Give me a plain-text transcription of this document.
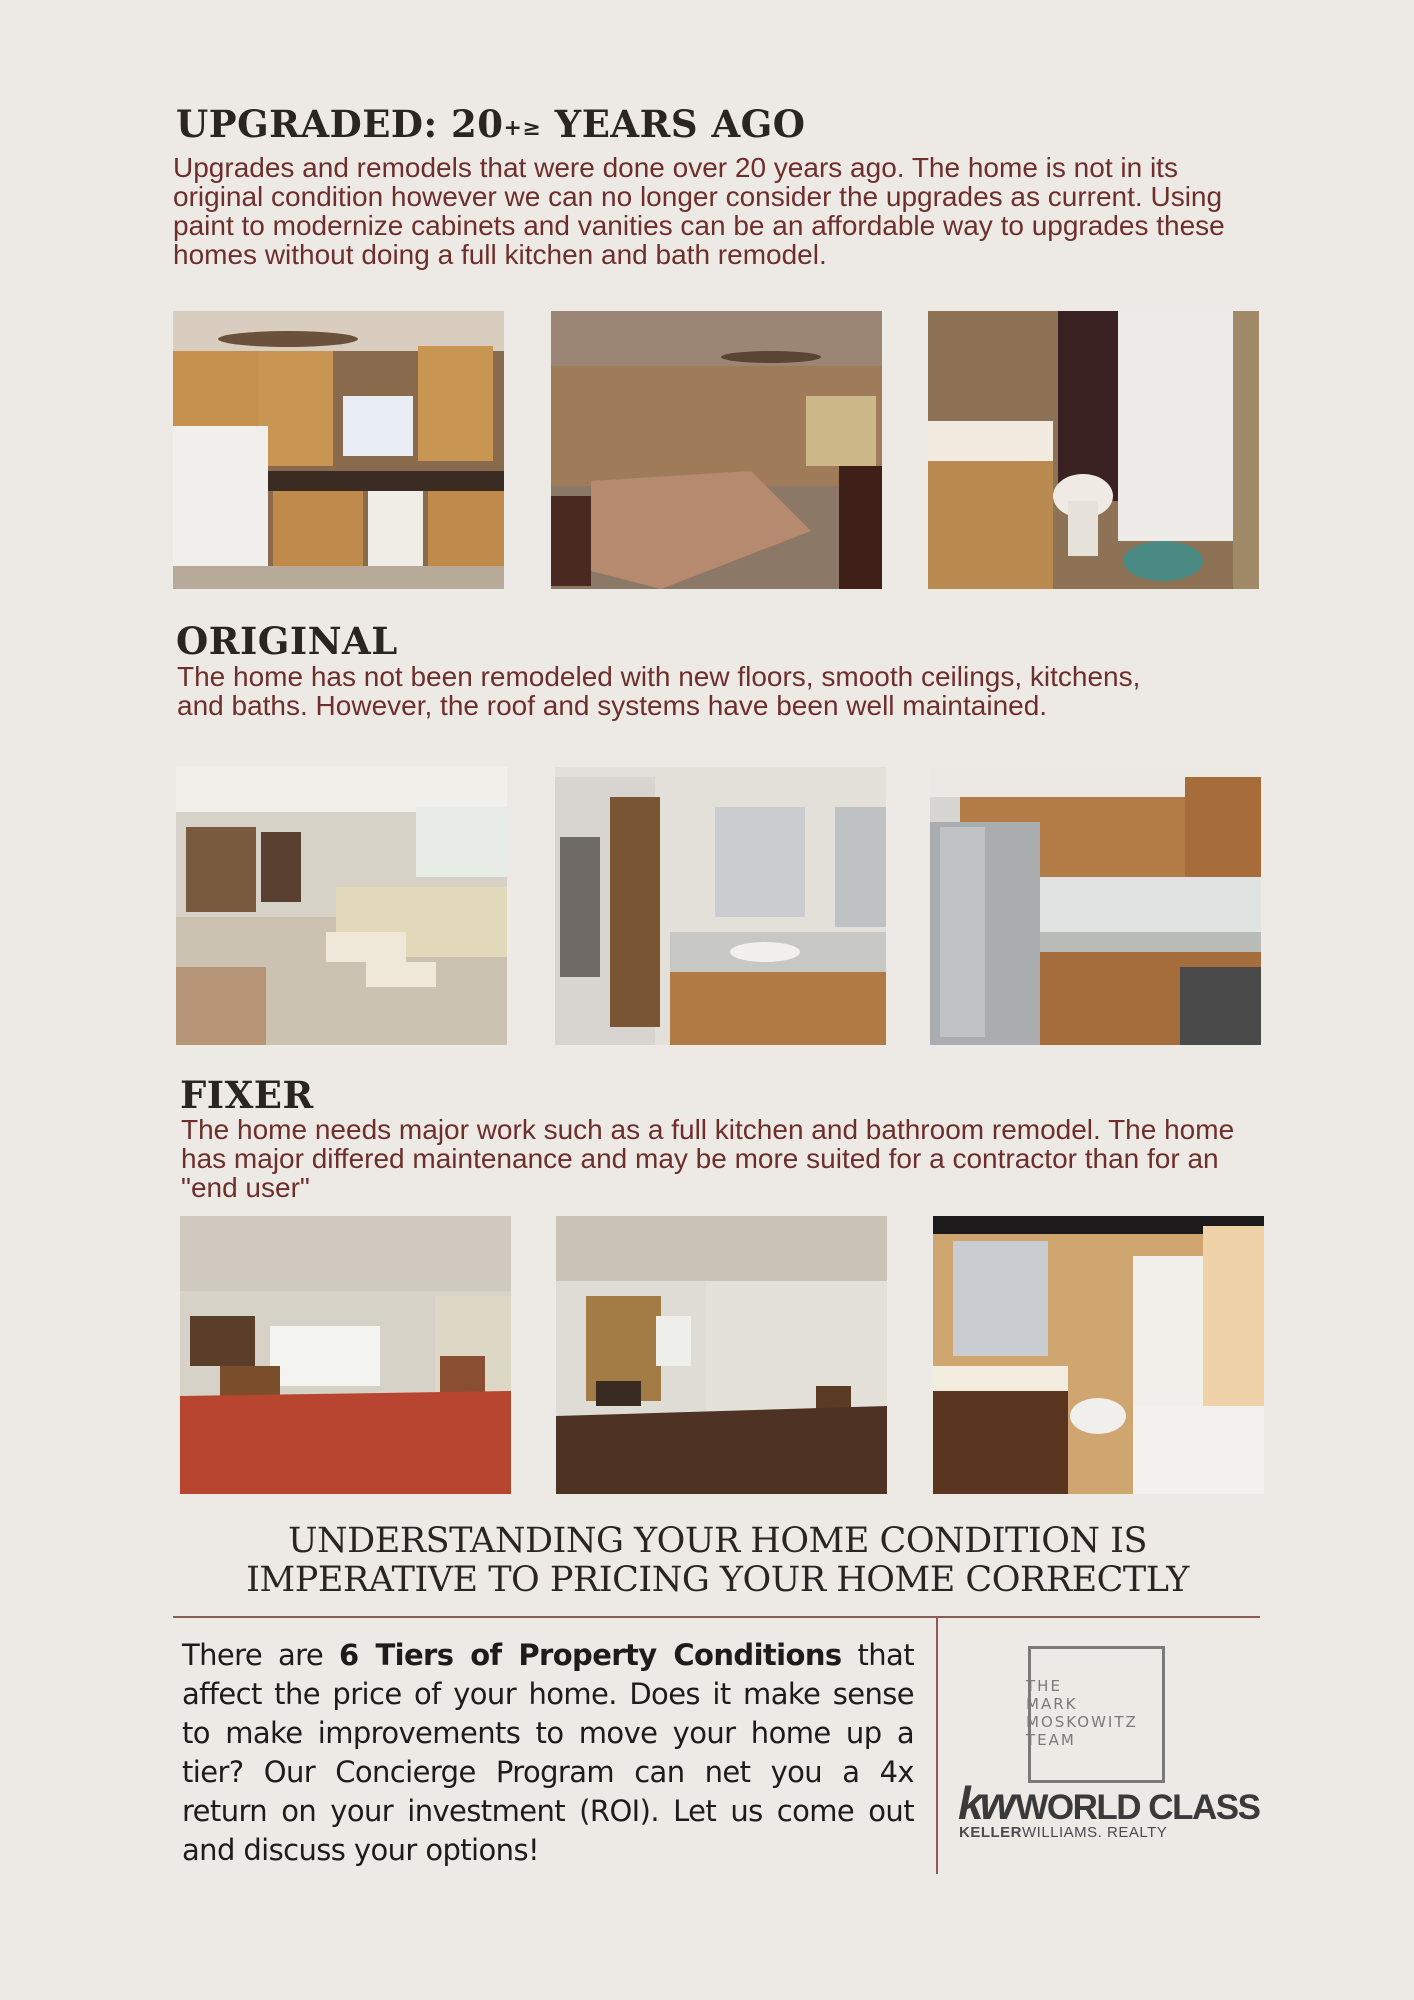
UPGRADED: 20+≥ YEARS AGO

Upgrades and remodels that were done over 20 years ago. The home is not in its original condition however we can no longer consider the upgrades as current. Using paint to modernize cabinets and vanities can be an affordable way to upgrades these homes without doing a full kitchen and bath remodel.

ORIGINAL

The home has not been remodeled with new floors, smooth ceilings, kitchens, and baths. However, the roof and systems have been well maintained.

FIXER

The home needs major work such as a full kitchen and bathroom remodel. The home has major differed maintenance and may be more suited for a contractor than for an "end user"

UNDERSTANDING YOUR HOME CONDITION IS
IMPERATIVE TO PRICING YOUR HOME CORRECTLY
There are 6 Tiers of Property Conditions that affect the price of your home. Does it make sense to make improvements to move your home up a tier? Our Concierge Program can net you a 4x return on your investment (ROI). Let us come out and discuss your options!
THE
MARK
MOSKOWITZ
TEAM
kw WORLD CLASS
KELLERWILLIAMS. REALTY
